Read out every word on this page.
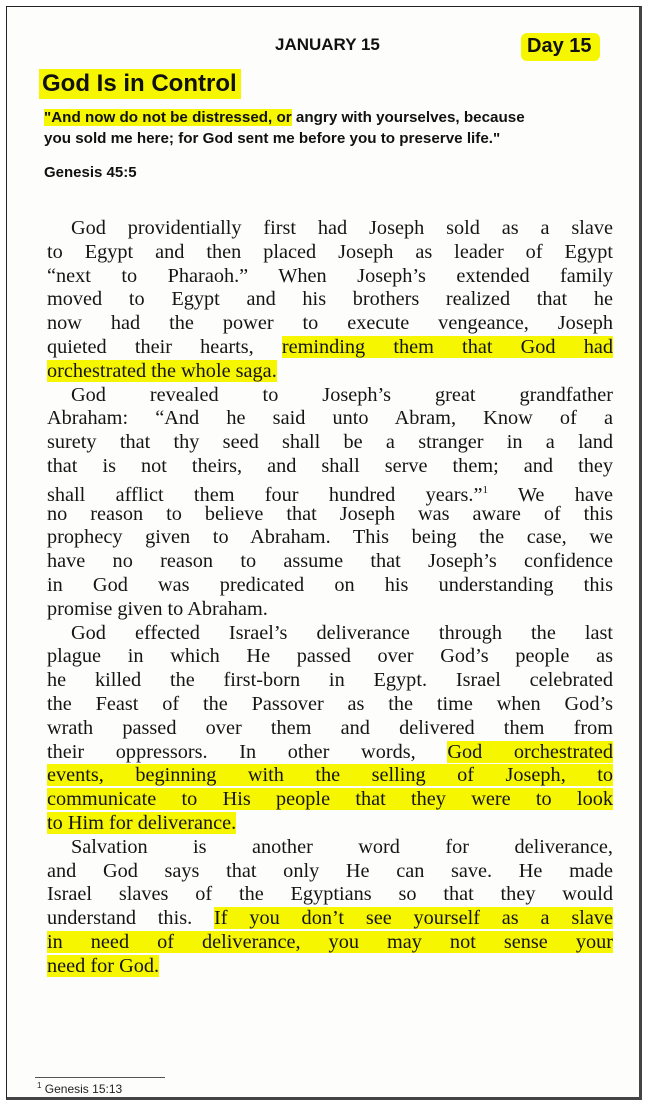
JANUARY 15	Day 15
God Is in Control
"And now do not be distressed, or angry with yourselves, because
you sold me here; for God sent me before you to preserve life."
Genesis 45:5
God providentially first had Joseph sold as a slave
to Egypt and then placed Joseph as leader of Egypt
“next to Pharaoh.” When Joseph’s extended family
moved to Egypt and his brothers realized that he
now had the power to execute vengeance, Joseph
quieted their hearts, reminding them that God had
orchestrated the whole saga.
God revealed to Joseph’s great grandfather
Abraham: “And he said unto Abram, Know of a
surety that thy seed shall be a stranger in a land
that is not theirs, and shall serve them; and they
shall afflict them four hundred years.”$^1$ We have
no reason to believe that Joseph was aware of this
prophecy given to Abraham. This being the case, we
have no reason to assume that Joseph’s confidence
in God was predicated on his understanding this
promise given to Abraham.
God effected Israel’s deliverance through the last
plague in which He passed over God’s people as
he killed the first-born in Egypt. Israel celebrated
the Feast of the Passover as the time when God’s
wrath passed over them and delivered them from
their oppressors. In other words, God orchestrated
events, beginning with the selling of Joseph, to
communicate to His people that they were to look
to Him for deliverance.
Salvation is another word for deliverance,
and God says that only He can save. He made
Israel slaves of the Egyptians so that they would
understand this. If you don’t see yourself as a slave
in need of deliverance, you may not sense your
need for God.
$^1$ Genesis 15:13
